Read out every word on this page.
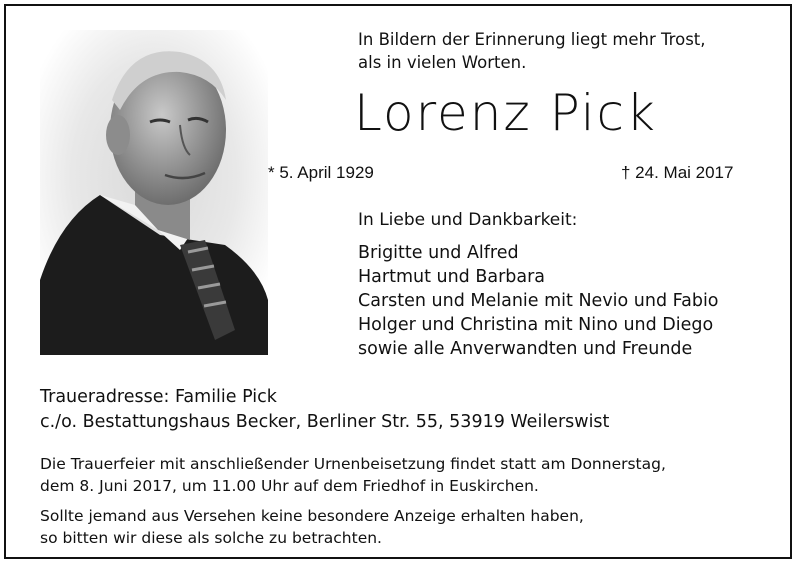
In Bildern der Erinnerung liegt mehr Trost,
als in vielen Worten.
Lorenz Pick
* 5. April 1929	† 24. Mai 2017
In Liebe und Dankbarkeit:
Brigitte und Alfred
Hartmut und Barbara
Carsten und Melanie mit Nevio und Fabio
Holger und Christina mit Nino und Diego
sowie alle Anverwandten und Freunde
Traueradresse: Familie Pick
c./o. Bestattungshaus Becker, Berliner Str. 55, 53919 Weilerswist
Die Trauerfeier mit anschließender Urnenbeisetzung findet statt am Donnerstag,
dem 8. Juni 2017, um 11.00 Uhr auf dem Friedhof in Euskirchen.
Sollte jemand aus Versehen keine besondere Anzeige erhalten haben,
so bitten wir diese als solche zu betrachten.
